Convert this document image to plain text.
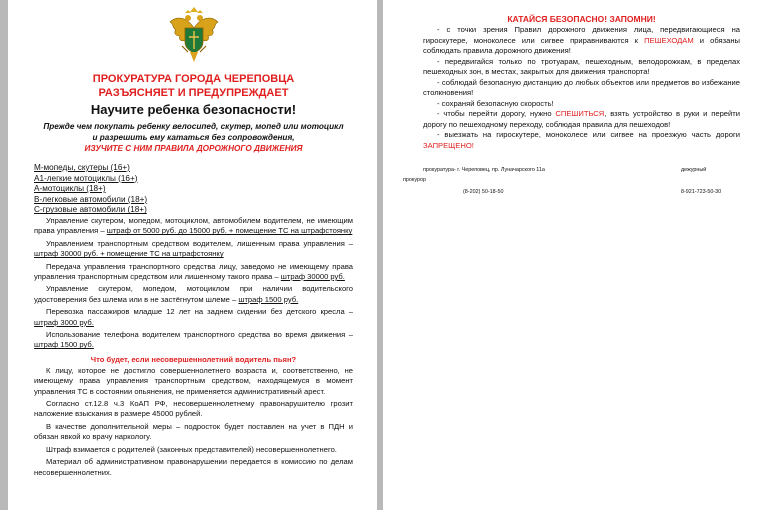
ПРОКУРАТУРА ГОРОДА ЧЕРЕПОВЦА
РАЗЪЯСНЯЕТ И ПРЕДУПРЕЖДАЕТ
Научите ребенка безопасности!
Прежде чем покупать ребенку велосипед, скутер, мопед или мотоцикл и разрешить ему кататься без сопровождения,
ИЗУЧИТЕ С НИМ ПРАВИЛА ДОРОЖНОГО ДВИЖЕНИЯ
М-мопеды, скутеры (16+)
А1-легкие мотоциклы (16+)
А-мотоциклы (18+)
В-легковые автомобили (18+)
С-грузовые автомобили (18+)

Управление скутером, мопедом, мотоциклом, автомобилем водителем, не имеющим права управления – штраф от 5000 руб. до 15000 руб. + помещение ТС на штрафстоянку

Управлением транспортным средством водителем, лишенным права управления – штраф 30000 руб. + помещение ТС на штрафстоянку

Передача управления транспортного средства лицу, заведомо не имеющему права управления транспортным средством или лишенному такого права – штраф 30000 руб.

Управление скутером, мопедом, мотоциклом при наличии водительского удостоверения без шлема или в не застёгнутом шлеме – штраф 1500 руб.

Перевозка пассажиров младше 12 лет на заднем сидении без детского кресла – штраф 3000 руб.

Использование телефона водителем транспортного средства во время движения – штраф 1500 руб.

Что будет, если несовершеннолетний водитель пьян?

К лицу, которое не достигло совершеннолетнего возраста и, соответственно, не имеющему права управления транспортным средством, находящемуся в момент управления ТС в состоянии опьянения, не применяется административный арест.

Согласно ст.12.8 ч.3 КоАП РФ, несовершеннолетнему правонарушителю грозит наложение взыскания в размере 45000 рублей.

В качестве дополнительной меры – подросток будет поставлен на учет в ПДН и обязан явкой ко врачу наркологу.

Штраф взимается с родителей (законных представителей) несовершеннолетнего.

Материал об административном правонарушении передается в комиссию по делам несовершеннолетних.

КАТАЙСЯ БЕЗОПАСНО! ЗАПОМНИ!

- с точки зрения Правил дорожного движения лица, передвигающиеся на гироскутере, моноколесе или сигвее приравниваются к ПЕШЕХОДАМ и обязаны соблюдать правила дорожного движения!

- передвигайся только по тротуарам, пешеходным, велодорожкам, в пределах пешеходных зон, в местах, закрытых для движения транспорта!

- соблюдай безопасную дистанцию до любых объектов или предметов во избежание столкновения!

- сохраняй безопасную скорость!

- чтобы перейти дорогу, нужно СПЕШИТЬСЯ, взять устройство в руки и перейти дорогу по пешеходному переходу, соблюдая правила для пешеходов!

- выезжать на гироскутере, моноколесе или сигвее на проезжую часть дороги ЗАПРЕЩЕНО!

прокуратура- г. Череповец, пр. Луначарского 11а	дежурный
прокурор
(8-202) 50-18-50	8-921-723-50-30
